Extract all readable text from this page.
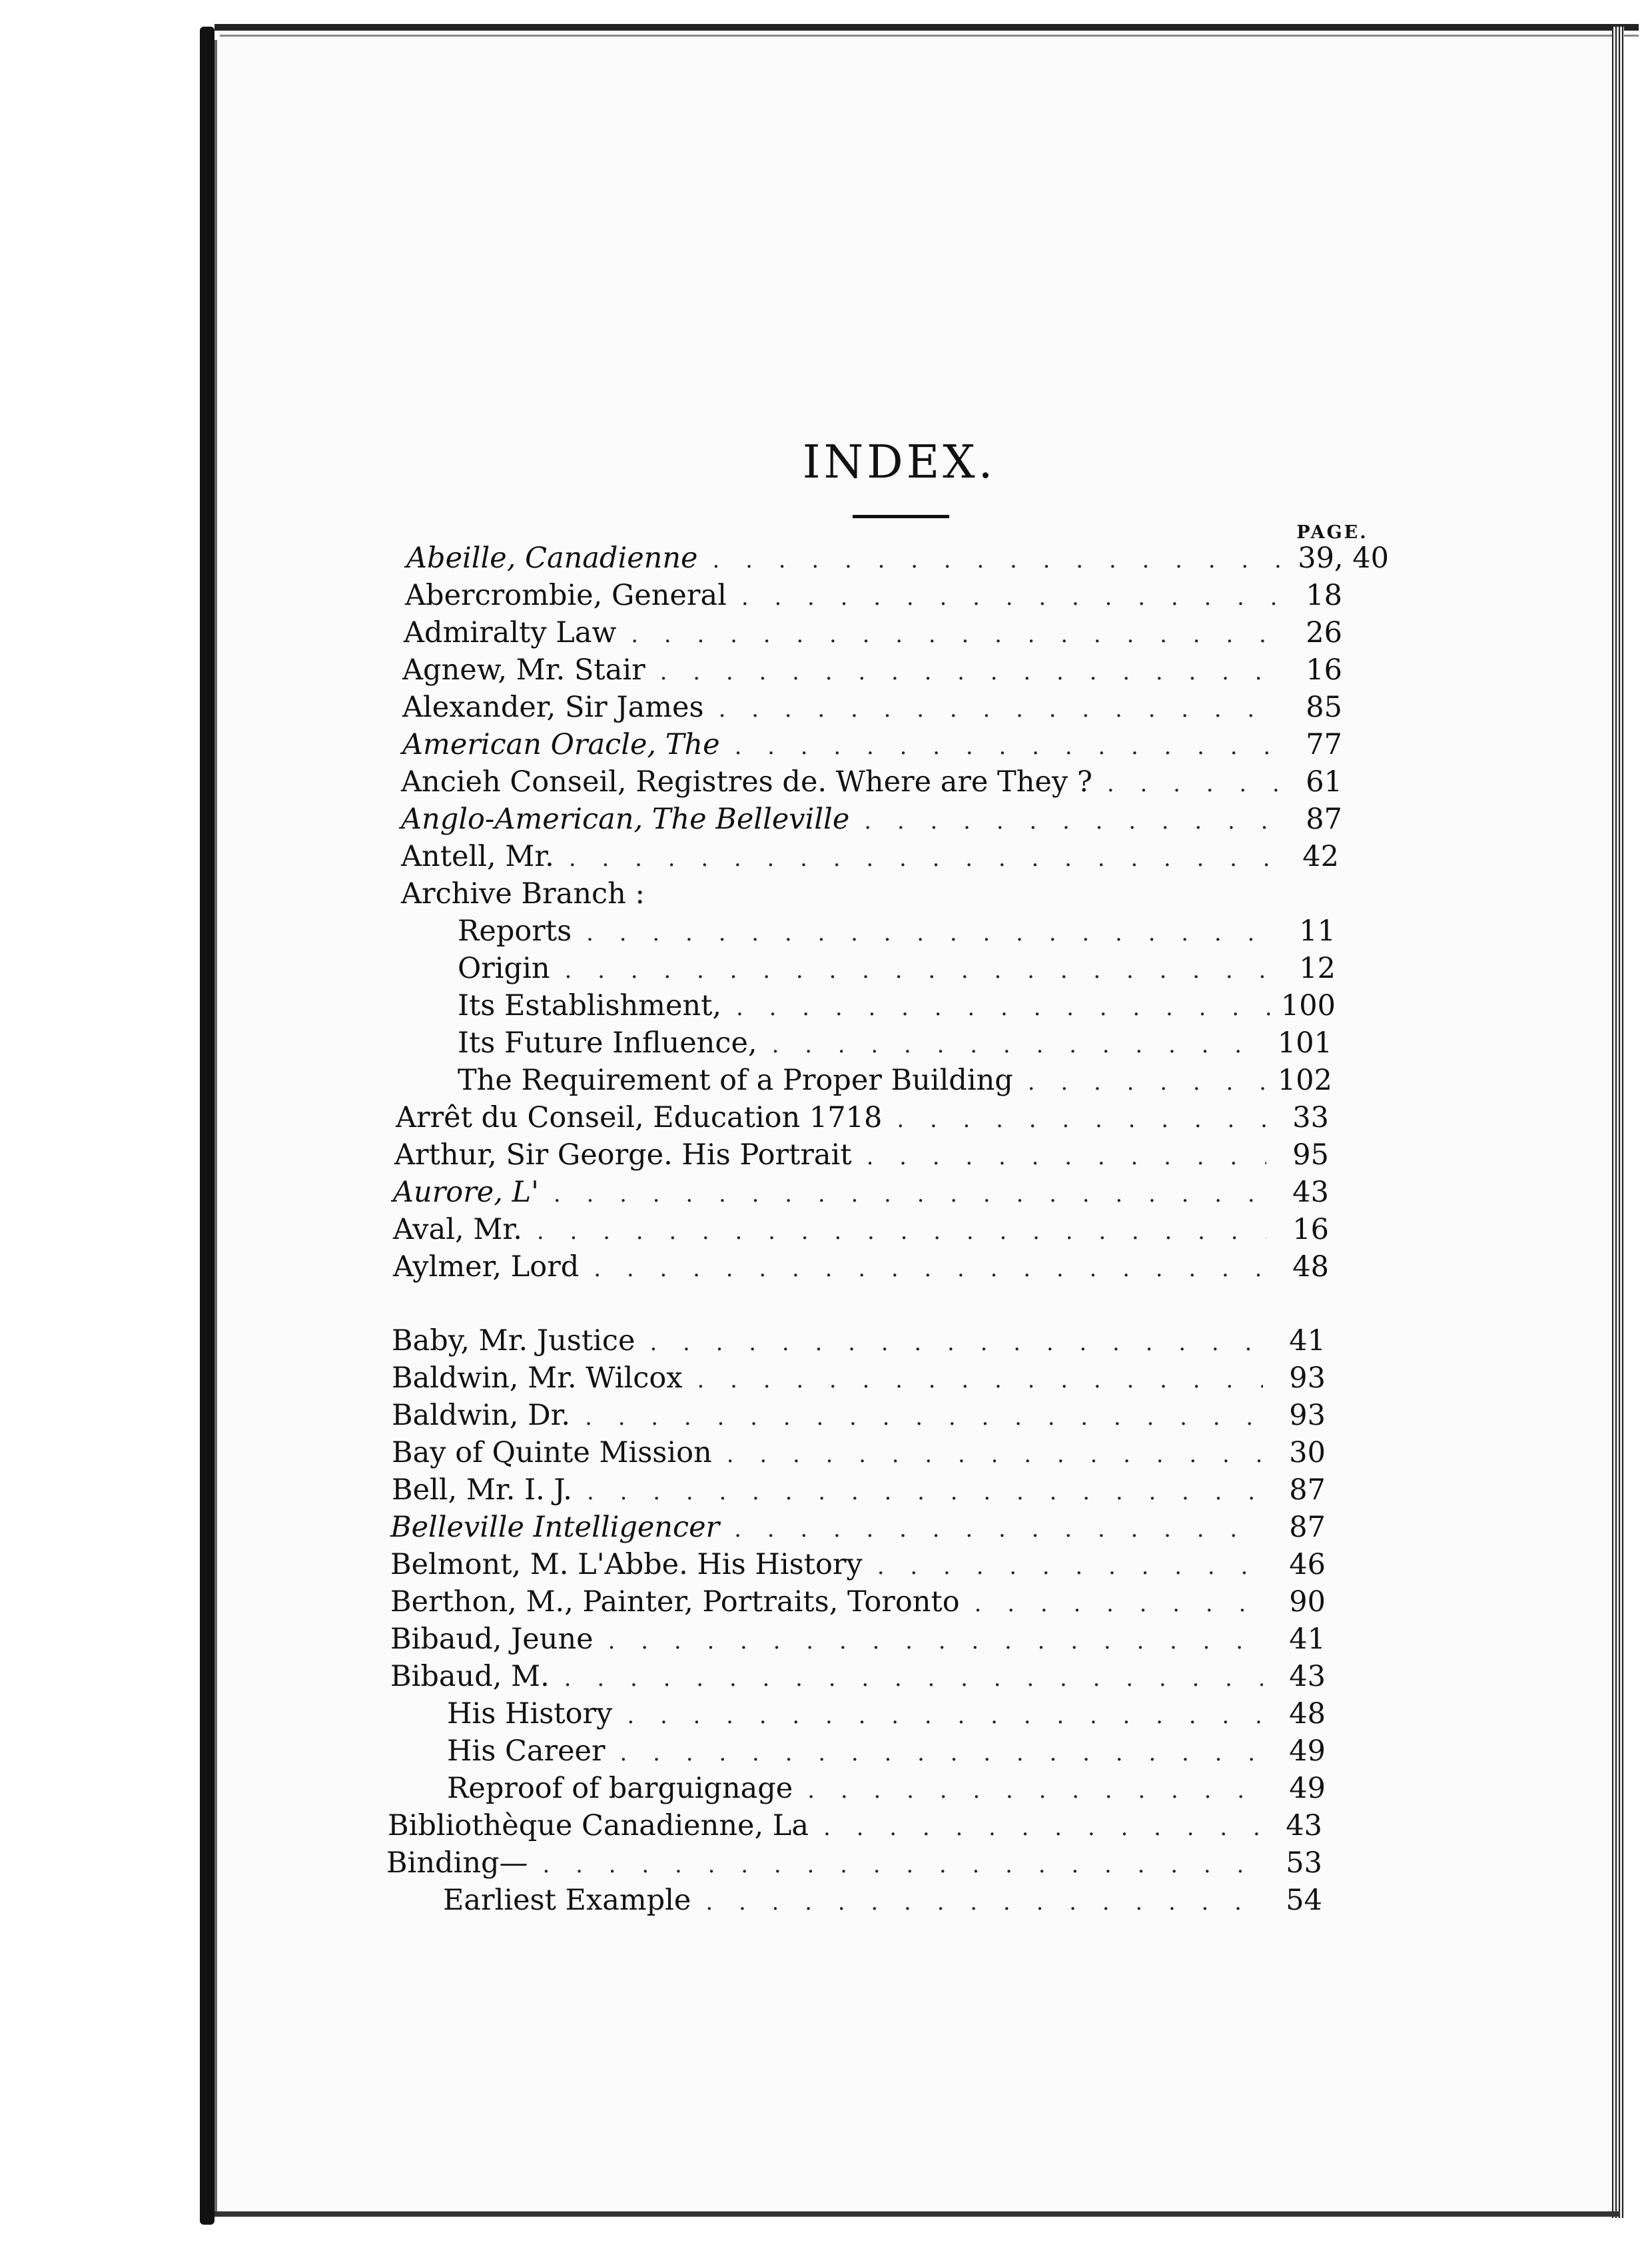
INDEX.
PAGE.
Abeille, Canadienne . . .	39, 40
Abercrombie, General . . .	18
Admiralty Law . . .	26
Agnew, Mr. Stair . . .	16
Alexander, Sir James . . .	85
American Oracle, The . . .	77
Ancieh Conseil, Registres de. Where are They ? . . .	61
Anglo-American, The Belleville . . .	87
Antell, Mr. . . .	42
Archive Branch :
Reports . . .	11
Origin . . .	12
Its Establishment, . . .	100
Its Future Influence, . . .	101
The Requirement of a Proper Building . . .	102
Arrêt du Conseil, Education 1718 . . .	33
Arthur, Sir George. His Portrait . . .	95
Aurore, L' . . .	43
Aval, Mr. . . .	16
Aylmer, Lord . . .	48
Baby, Mr. Justice . . .	41
Baldwin, Mr. Wilcox . . .	93
Baldwin, Dr. . . .	93
Bay of Quinte Mission . . .	30
Bell, Mr. I. J. . . .	87
Belleville Intelligencer . . .	87
Belmont, M. L'Abbe. His History . . .	46
Berthon, M., Painter, Portraits, Toronto . . .	90
Bibaud, Jeune . . .	41
Bibaud, M. . . .	43
His History . . .	48
His Career . . .	49
Reproof of barguignage . . .	49
Bibliothèque Canadienne, La . . .	43
Binding— . . .	53
Earliest Example . . .	54
